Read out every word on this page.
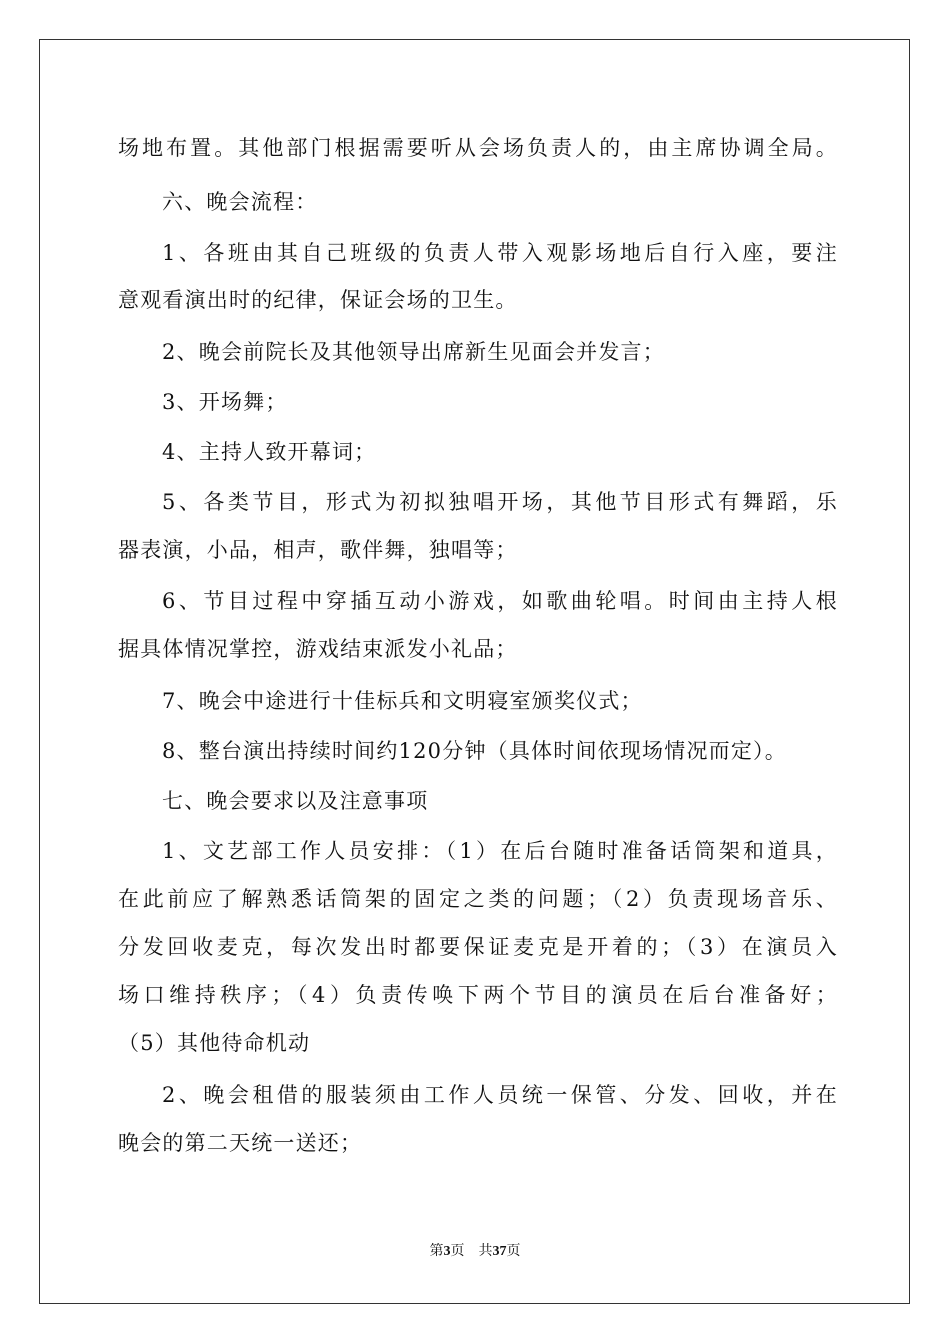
场地布置。其他部门根据需要听从会场负责人的，由主席协调全局。
六、晚会流程：
1、各班由其自己班级的负责人带入观影场地后自行入座，要注
意观看演出时的纪律，保证会场的卫生。
2、晚会前院长及其他领导出席新生见面会并发言；
3、开场舞；
4、主持人致开幕词；
5、各类节目，形式为初拟独唱开场，其他节目形式有舞蹈，乐
器表演，小品，相声，歌伴舞，独唱等；
6、节目过程中穿插互动小游戏，如歌曲轮唱。时间由主持人根
据具体情况掌控，游戏结束派发小礼品；
7、晚会中途进行十佳标兵和文明寝室颁奖仪式；
8、整台演出持续时间约120分钟（具体时间依现场情况而定）。
七、晚会要求以及注意事项
1、文艺部工作人员安排：（1）在后台随时准备话筒架和道具，
在此前应了解熟悉话筒架的固定之类的问题；（2）负责现场音乐、
分发回收麦克，每次发出时都要保证麦克是开着的；（3）在演员入
场口维持秩序；（4）负责传唤下两个节目的演员在后台准备好；
（5）其他待命机动
2、晚会租借的服装须由工作人员统一保管、分发、回收，并在
晚会的第二天统一送还；
第3页 共37页
